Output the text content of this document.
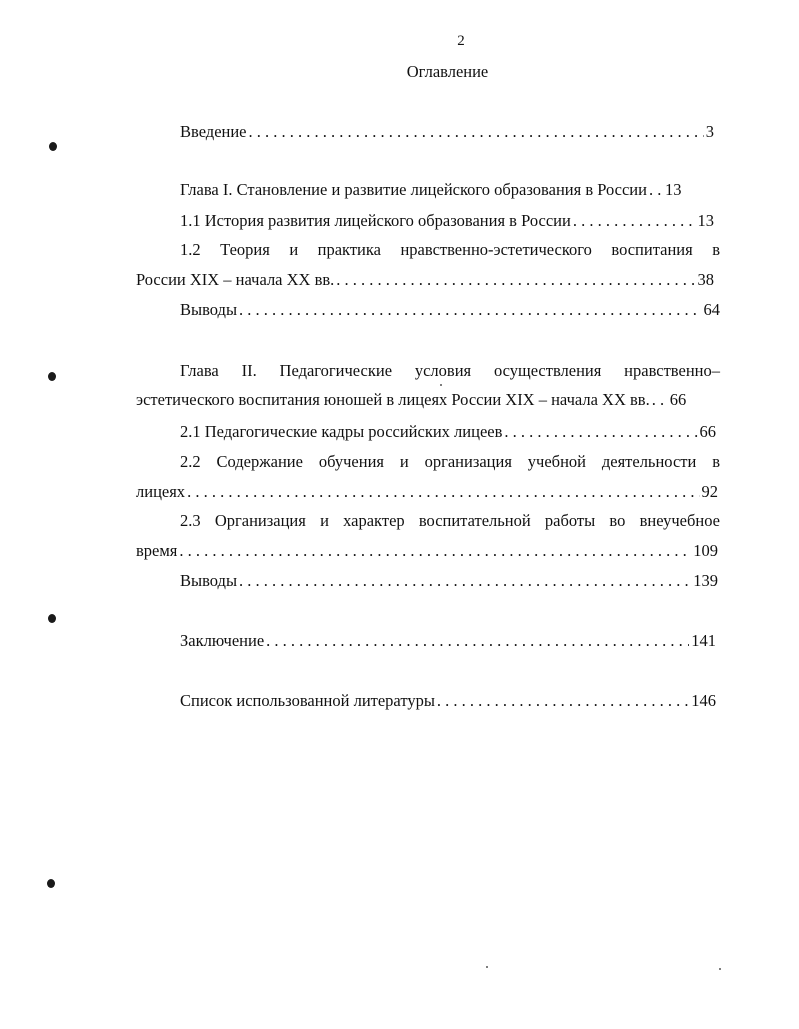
2
Оглавление
Введение . . .	3
Глава I. Становление и развитие лицейского образования в России . . . 13
1.1 История развития лицейского образования в России . . .	13
1.2 Теория и практика нравственно-эстетического воспитания в
России XIX – начала XX вв. . . .	38
Выводы . . .	64
Глава II. Педагогические условия осуществления нравственно–
эстетического воспитания юношей в лицеях России XIX – начала XX вв. . . . 66
2.1 Педагогические кадры российских лицеев . . .	66
2.2 Содержание обучения и организация учебной деятельности в
лицеях . . .	92
2.3 Организация и характер воспитательной работы во внеучебное
время . . .	109
Выводы . . .	139
Заключение . . .	141
Список использованной литературы . . .	146
